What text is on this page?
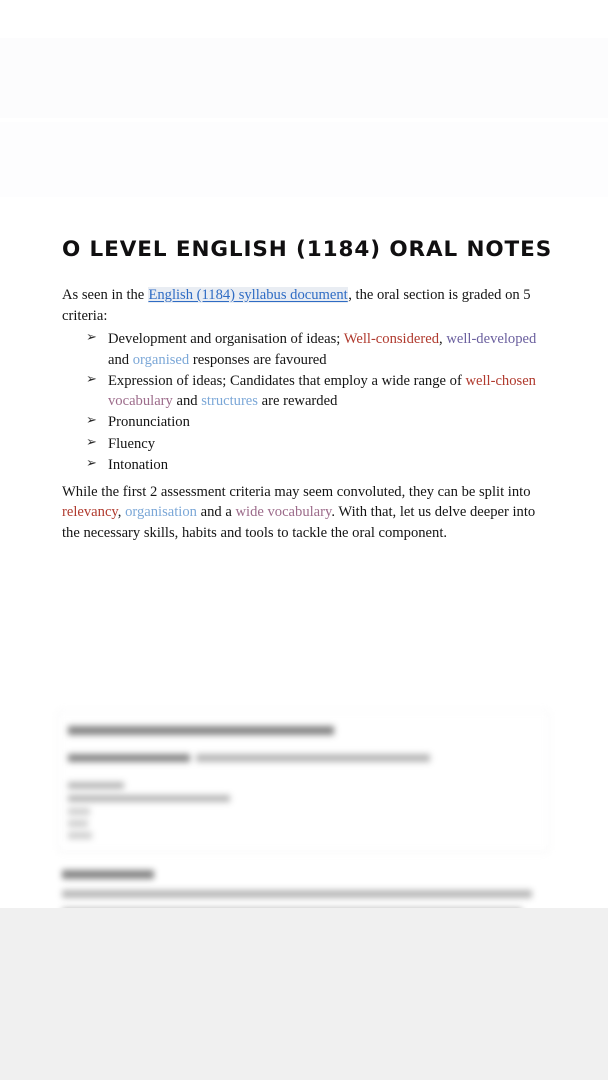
O LEVEL ENGLISH (1184) ORAL NOTES

As seen in the English (1184) syllabus document, the oral section is graded on 5 criteria:

➢ Development and organisation of ideas; Well-considered, well-developed and organised responses are favoured
➢ Expression of ideas; Candidates that employ a wide range of well-chosen vocabulary and structures are rewarded
➢ Pronunciation
➢ Fluency
➢ Intonation

While the first 2 assessment criteria may seem convoluted, they can be split into relevancy, organisation and a wide vocabulary. With that, let us delve deeper into the necessary skills, habits and tools to tackle the oral component.
